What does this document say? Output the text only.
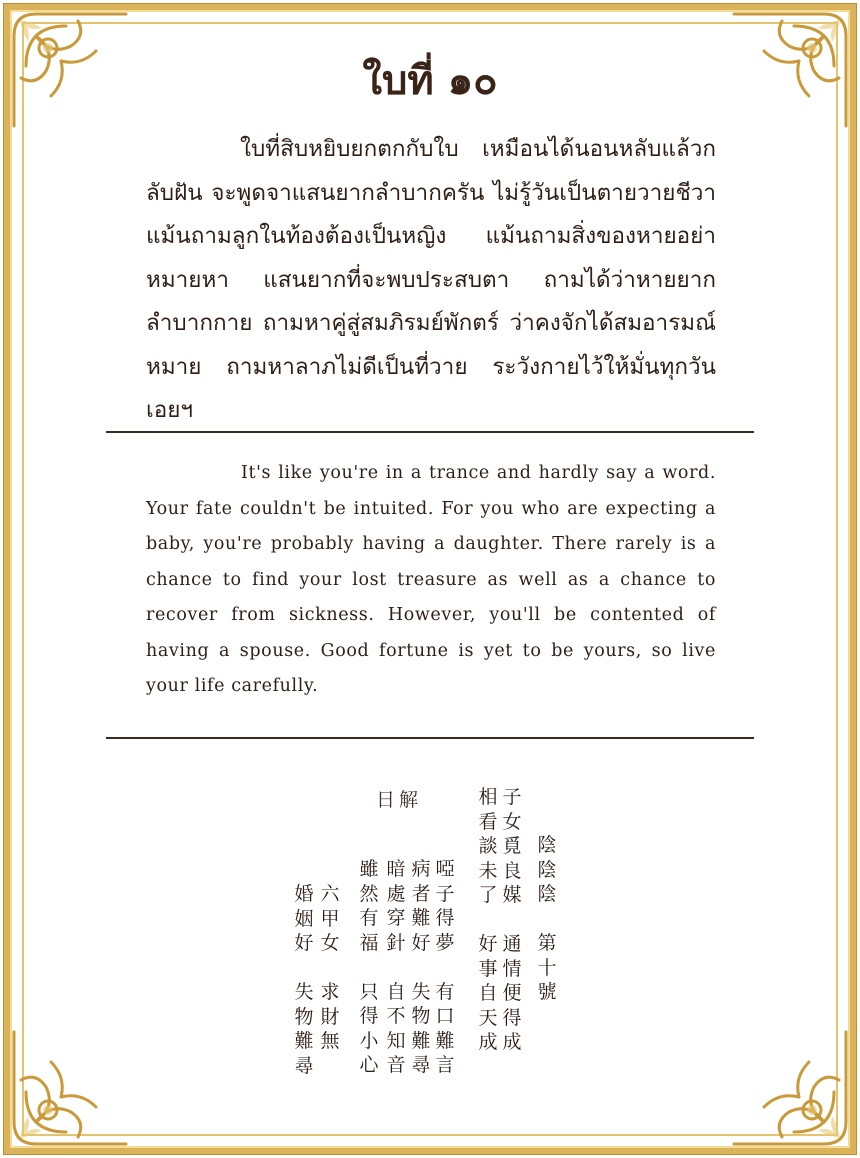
ใบที่ ๑๐
ใบที่สิบหยิบยกตกกับใบ เหมือนได้นอนหลับแล้วกลับฝัน จะพูดจาแสนยากลำบากครัน ไม่รู้วันเป็นตายวายชีวา แม้นถามลูกในท้องต้องเป็นหญิง แม้นถามสิ่งของหายอย่าหมายหา แสนยากที่จะพบประสบตา ถามได้ว่าหายยากลำบากกาย ถามหาคู่สู่สมภิรมย์พักตร์ ว่าคงจักได้สมอารมณ์หมาย ถามหาลาภไม่ดีเป็นที่วาย ระวังกายไว้ให้มั่นทุกวันเอยฯ
It's like you're in a trance and hardly say a word. Your fate couldn't be intuited. For you who are expecting a baby, you're probably having a daughter. There rarely is a chance to find your lost treasure as well as a chance to recover from sickness. However, you'll be contented of having a spouse. Good fortune is yet to be yours, so live your life carefully.
日解
陰
陰
陰

第
十
號
子
女
覓
良
媒

通
情
便
得
成
相
看
談
未
了

好
事
自
天
成
啞
子
得
夢

有
口
難
言
病
者
難
好

失
物
難
尋
暗
處
穿
針

自
不
知
音
雖
然
有
福

只
得
小
心
六
甲
女

求
財
無
婚
姻
好

失
物
難
尋
